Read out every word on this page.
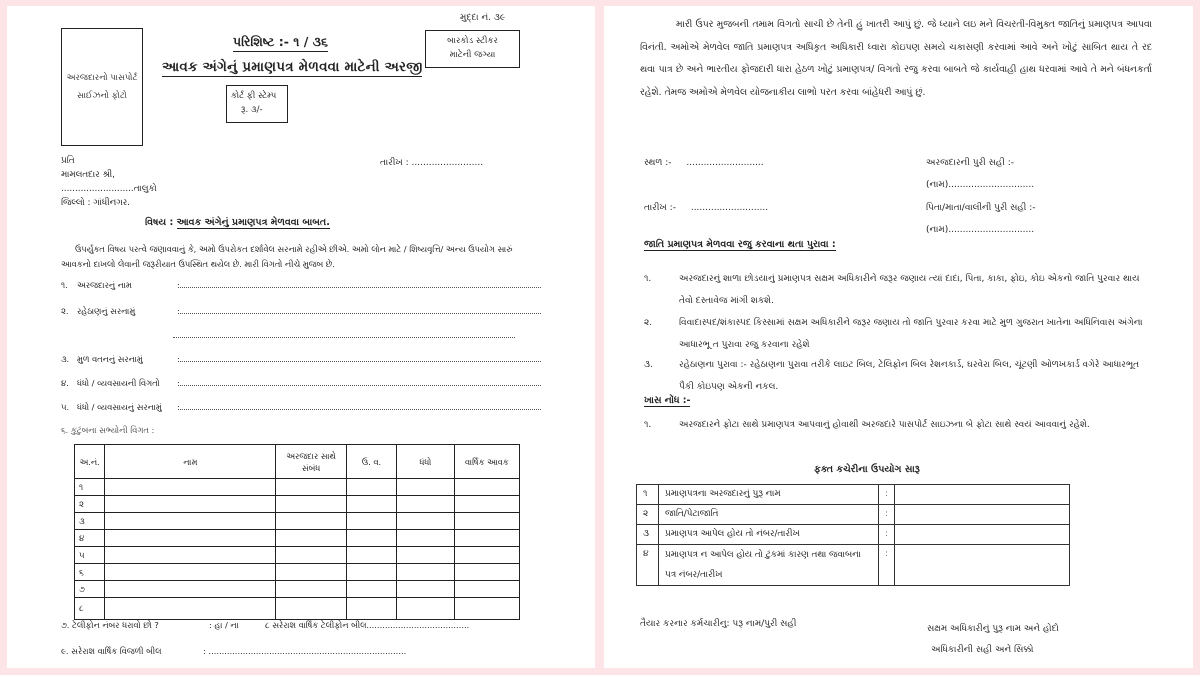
અરજદારનો પાસપોર્ટ
સાઈઝનો ફોટો
મુદ્દા નં. ૩૯
બારકોડ સ્ટીકર
માટેની જગ્યા
પરિશિષ્ટ :- ૧ / ૩૬
આવક અંગેનું પ્રમાણપત્ર મેળવવા માટેની અરજી
કોર્ટ ફી સ્ટેમ્પ
રૂ. ૩/-
પ્રતિ
મામલતદાર શ્રી,
..........................તાલુકો
જિલ્લો : ગાંધીનગર.
તારીખ : .........................
વિષય : આવક અંગેનું પ્રમાણપત્ર મેળવવા બાબત.
ઉપર્યુકત વિષય પરત્વે જણાવવાનું કે, અમો ઉપરોકત દર્શાવેલ સરનામે રહીએ છીએ. અમો લોન માટે / શિષ્યવૃત્તિ/ અન્ય ઉપયોગ સારું આવકનો દાખલો લેવાની જરૂરીયાત ઉપસ્થિત થયેલ છે. મારી વિગતો નીચે મુજબ છે.
૧.	અરજદારનું નામ	:
૨.	રહેઠાણનું સરનામું	:
૩. મુળ વતનનું સરનામું	:
૪. ધંધો / વ્યવસાયની વિગતો	:
૫. ધંધો / વ્યવસાયનું સરનામું	:
૬. કુટુંબના સભ્યોની વિગત :
અ.નં.	નામ	અરજદાર સાથે સંબંધ	ઉ. વ.	ધંધો	વાર્ષિક આવક
૧					
૨					
૩					
૪					
૫					
૬					
૭					
૮					
૭. ટેલીફોન નંબર ધરાવો છો ?	: હા / ના	૮ સરેરાશ વાર્ષિક ટેલીફોન બીલ.......................................
૯. સરેરાશ વાર્ષિક વિજળી બીલ	: ...........................................................................
મારી ઉપર મુજબની તમામ વિગતો સાચી છે તેની હું ખાતરી આપું છું. જે ધ્યાને લઇ મને વિચરતી-વિમુક્ત જાતિનું પ્રમાણપત્ર આપવા વિનંતી. અમોએ મેળવેલ જાતિ પ્રમાણપત્ર અધિકૃત અધિકારી ધ્વારા કોઇપણ સમયે ચકાસણી કરવામાં આવે અને ખોટું સાબિત થાય તે રદ થવા પાત્ર છે અને ભારતીય ફોજદારી ધારા હેઠળ ખોટું પ્રમાણપત્ર/ વિગતો રજુ કરવા બાબતે જે કાર્યવાહી હાથ ધરવામાં આવે તે મને બંધનકર્તા રહેશે. તેમજ અમોએ મેળવેલ યોજનાકીય લાભો પરત કરવા બાંહેધરી આપું છું.
સ્થળ :- ...........................
તારીખ :- ...........................
અરજદારની પુરી સહી :-
(નામ)..............................
પિતા/માતા/વાલીની પુરી સહી :-
(નામ)..............................
જાતિ પ્રમાણપત્ર મેળવવા રજુ કરવાના થતા પુરાવા :
૧.	અરજદારનું શાળા છોડયાનું પ્રમાણપત્ર સક્ષમ અધિકારીને જરૂર જણાય ત્યાં દાદા, પિતા, કાકા, ફોઇ, કોઇ એકનો જાતિ પુરવાર થાય તેવો દસ્તાવેજ માંગી શકશે.
૨.	વિવાદાસ્પદ/શંકાસ્પદ કિસ્સામાં સક્ષમ અધિકારીને જરૂર જણાય તો જાતિ પુરવાર કરવા માટે મુળ ગુજરાત ખાતેના અધિનિવાસ અંગેના આધારભૂ ત પુરાવા રજુ કરવાના રહેશે
૩.	રહેઠાણના પુરાવા :- રહેઠાણના પુરાવા તરીકે લાઇટ બિલ, ટેલિફોન બિલ રેશનકાર્ડ, ઘરવેરા બિલ, ચૂંટણી ઓળખકાર્ડ વગેરે આધારભૂત પૈકી કોઇપણ એકની નકલ.
ખાસ નોંધ :-
૧.	અરજદારને ફોટા સાથે પ્રમાણપત્ર આપવાનું હોવાથી અરજદારે પાસપોર્ટ સાઇઝના બે ફોટા સાથે સ્વયં આવવાનું રહેશે.
ફક્ત કચેરીના ઉપયોગ સારૂ
૧	પ્રમાણપત્રના અરજદારનું પુરૂ નામ	:	
૨	જાતિ/પેટાજાતિ	:	
૩	પ્રમાણપત્ર આપેલ હોય તો નંબર/તારીખ	:	
૪	પ્રમાણપત્ર ન આપેલ હોય તો ટુંકમાં કારણ તથા જવાબના પત્ર નંબર/તારીખ	:	
તૈયાર કરનાર કર્મચારીનુ: પરૂ નામ/પુરી સહી	સક્ષમ અધિકારીનું પુરૂ નામ અને હોદો
અધિકારીની સહી અને સિક્કો
